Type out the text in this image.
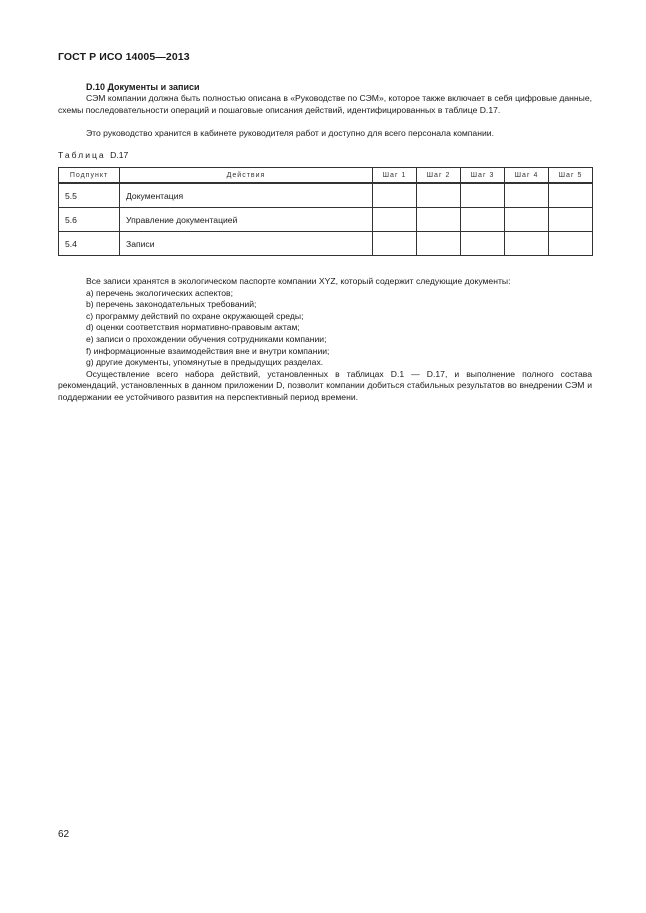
ГОСТ Р ИСО 14005—2013
D.10 Документы и записи
СЭМ компании должна быть полностью описана в «Руководстве по СЭМ», которое также включает в себя цифровые данные, схемы последовательности операций и пошаговые описания действий, идентифицированных в таблице D.17.
Это руководство хранится в кабинете руководителя работ и доступно для всего персонала компании.
Таблица D.17
Подпункт	Действия	Шаг 1	Шаг 2	Шаг 3	Шаг 4	Шаг 5
5.5	Документация					
5.6	Управление документацией					
5.4	Записи					
Все записи хранятся в экологическом паспорте компании XYZ, который содержит следующие документы:
a) перечень экологических аспектов;
b) перечень законодательных требований;
c) программу действий по охране окружающей среды;
d) оценки соответствия нормативно-правовым актам;
e) записи о прохождении обучения сотрудниками компании;
f) информационные взаимодействия вне и внутри компании;
g) другие документы, упомянутые в предыдущих разделах.
Осуществление всего набора действий, установленных в таблицах D.1 — D.17, и выполнение полного состава рекомендаций, установленных в данном приложении D, позволит компании добиться стабильных результатов во внедрении СЭМ и поддержании ее устойчивого развития на перспективный период времени.
62
